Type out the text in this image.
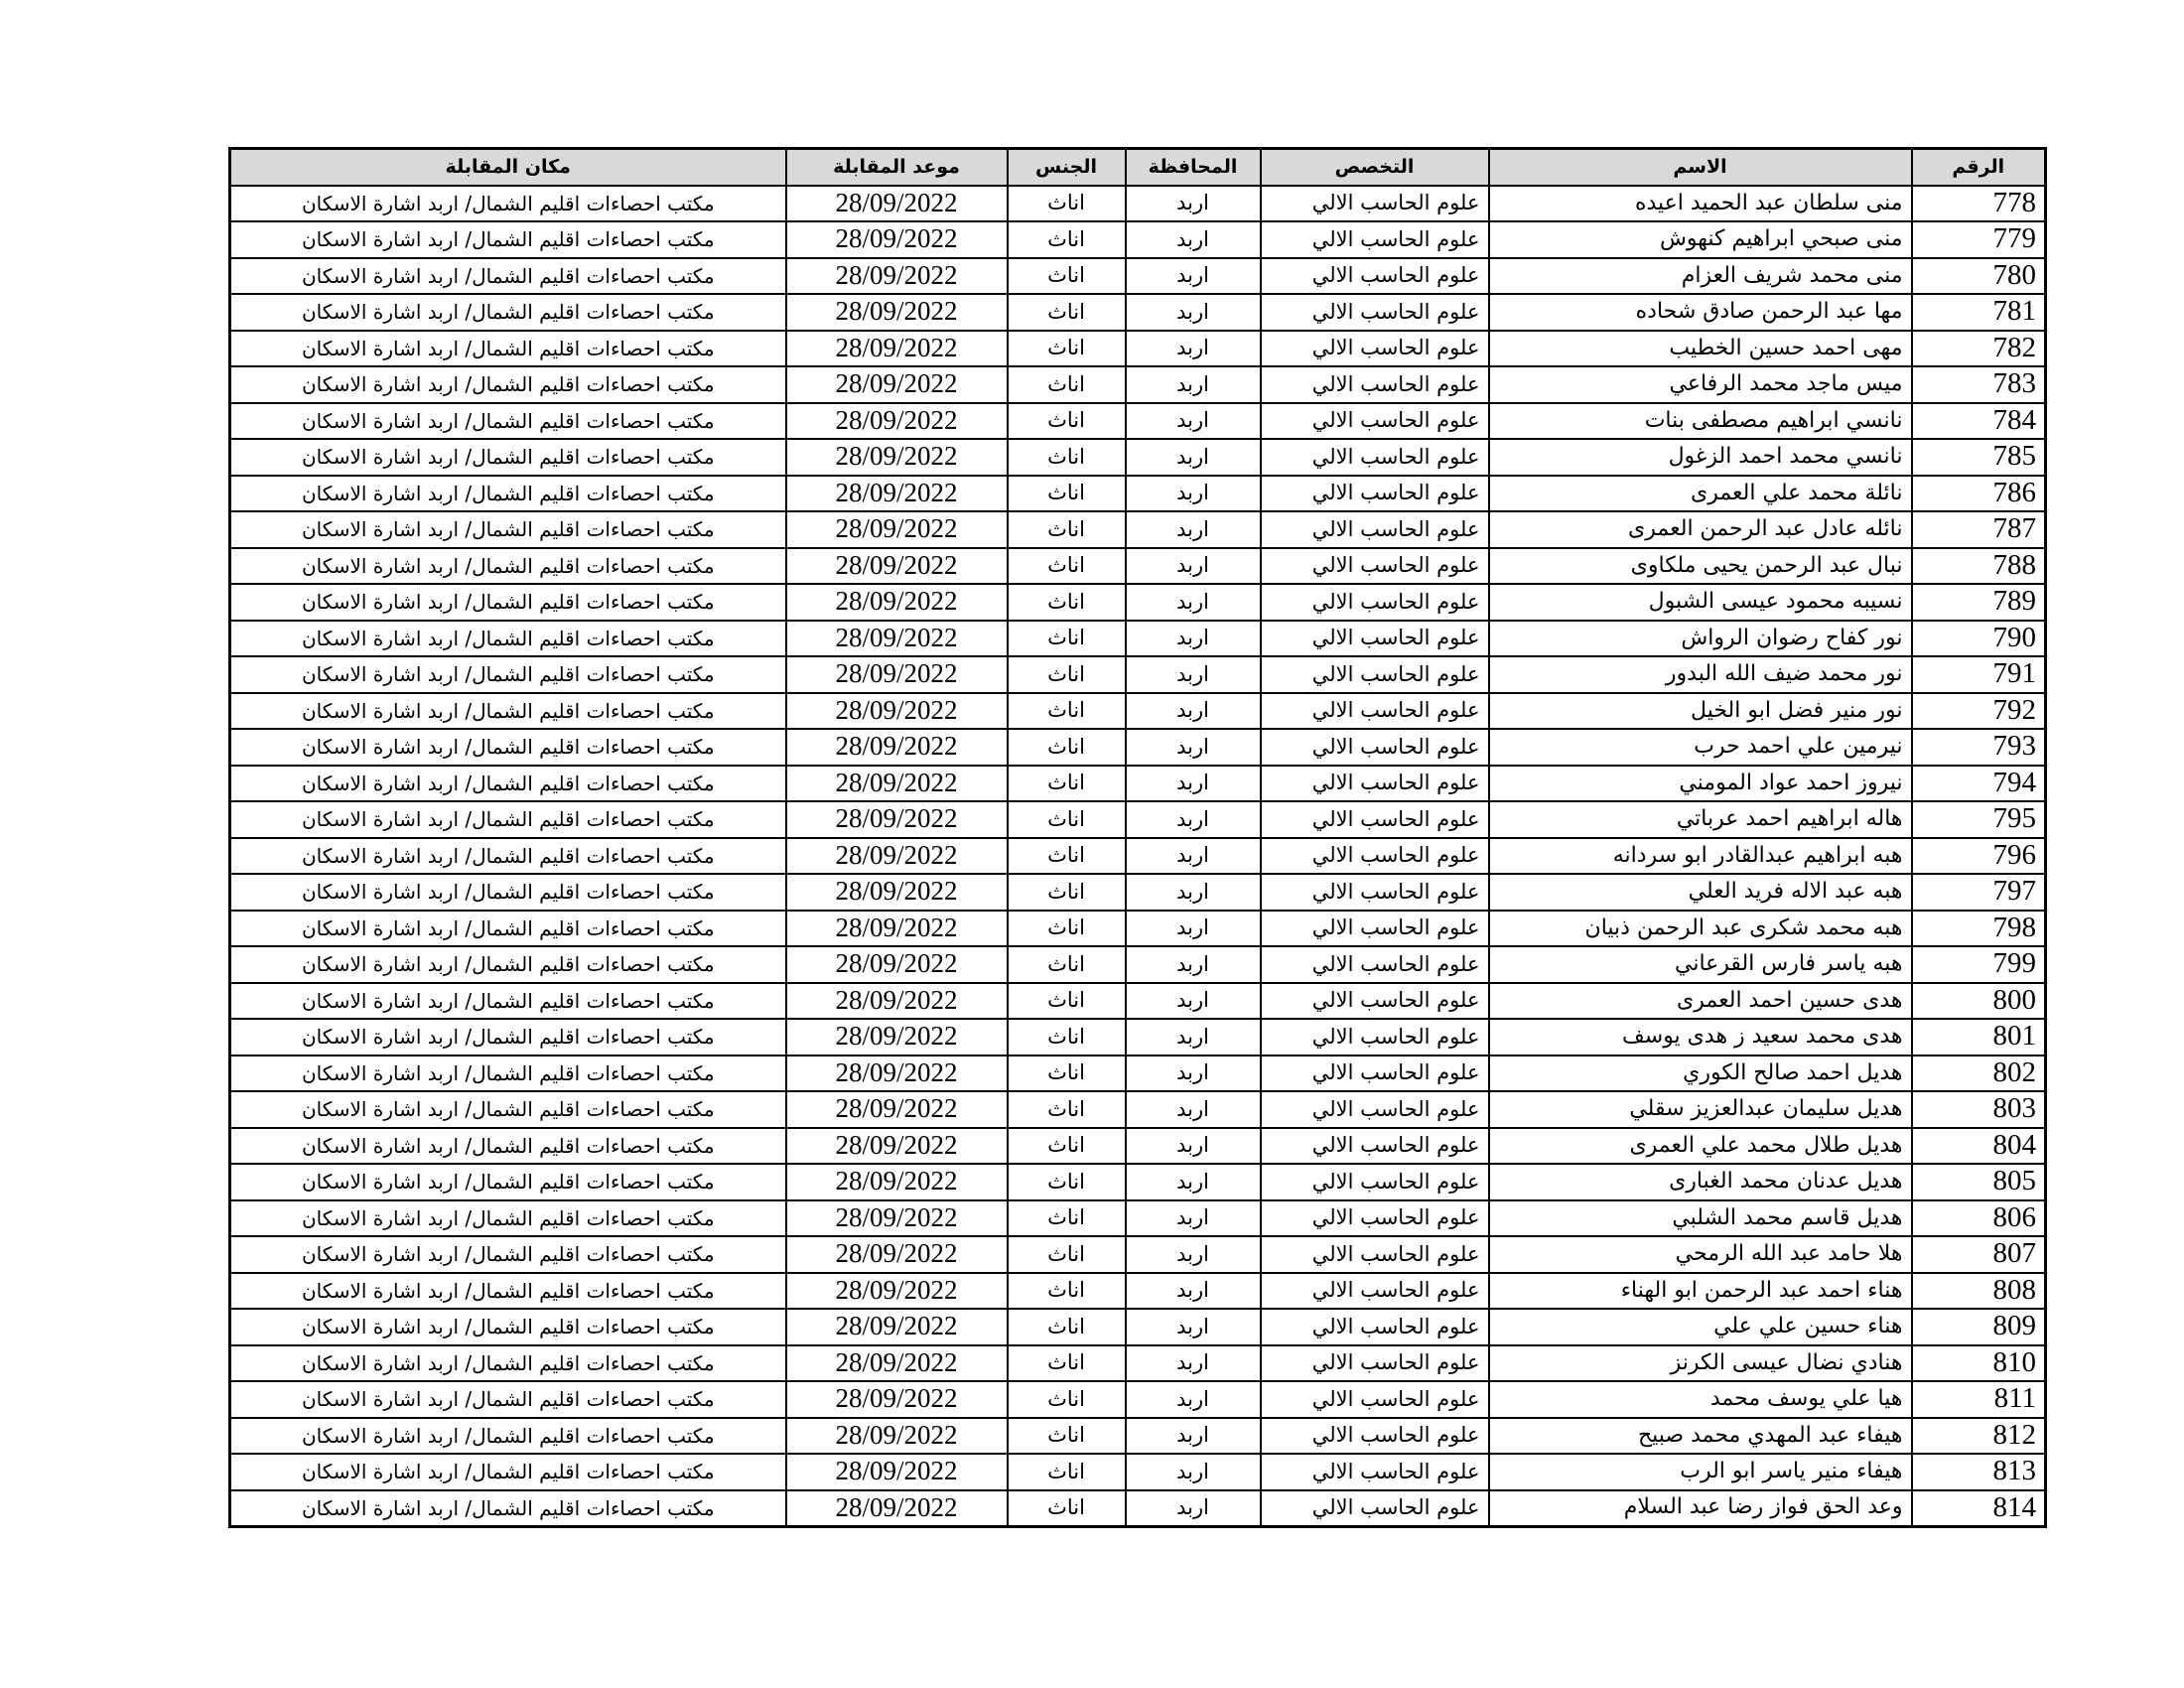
الرقم	الاسم	التخصص	المحافظة	الجنس	موعد المقابلة	مكان المقابلة
778	منى سلطان عبد الحميد اعيده	علوم الحاسب الالي	اربد	اناث	28/09/2022	مكتب احصاءات اقليم الشمال/ اربد اشارة الاسكان
779	منى صبحي ابراهيم كنهوش	علوم الحاسب الالي	اربد	اناث	28/09/2022	مكتب احصاءات اقليم الشمال/ اربد اشارة الاسكان
780	منى محمد شريف العزام	علوم الحاسب الالي	اربد	اناث	28/09/2022	مكتب احصاءات اقليم الشمال/ اربد اشارة الاسكان
781	مها عبد الرحمن صادق شحاده	علوم الحاسب الالي	اربد	اناث	28/09/2022	مكتب احصاءات اقليم الشمال/ اربد اشارة الاسكان
782	مهى احمد حسين الخطيب	علوم الحاسب الالي	اربد	اناث	28/09/2022	مكتب احصاءات اقليم الشمال/ اربد اشارة الاسكان
783	ميس ماجد محمد الرفاعي	علوم الحاسب الالي	اربد	اناث	28/09/2022	مكتب احصاءات اقليم الشمال/ اربد اشارة الاسكان
784	نانسي ابراهيم مصطفى بنات	علوم الحاسب الالي	اربد	اناث	28/09/2022	مكتب احصاءات اقليم الشمال/ اربد اشارة الاسكان
785	نانسي محمد احمد الزغول	علوم الحاسب الالي	اربد	اناث	28/09/2022	مكتب احصاءات اقليم الشمال/ اربد اشارة الاسكان
786	نائلة محمد علي العمرى	علوم الحاسب الالي	اربد	اناث	28/09/2022	مكتب احصاءات اقليم الشمال/ اربد اشارة الاسكان
787	نائله عادل عبد الرحمن العمرى	علوم الحاسب الالي	اربد	اناث	28/09/2022	مكتب احصاءات اقليم الشمال/ اربد اشارة الاسكان
788	نبال عبد الرحمن يحيى ملكاوى	علوم الحاسب الالي	اربد	اناث	28/09/2022	مكتب احصاءات اقليم الشمال/ اربد اشارة الاسكان
789	نسيبه محمود عيسى الشبول	علوم الحاسب الالي	اربد	اناث	28/09/2022	مكتب احصاءات اقليم الشمال/ اربد اشارة الاسكان
790	نور كفاح رضوان الرواش	علوم الحاسب الالي	اربد	اناث	28/09/2022	مكتب احصاءات اقليم الشمال/ اربد اشارة الاسكان
791	نور محمد ضيف الله البدور	علوم الحاسب الالي	اربد	اناث	28/09/2022	مكتب احصاءات اقليم الشمال/ اربد اشارة الاسكان
792	نور منير فضل ابو الخيل	علوم الحاسب الالي	اربد	اناث	28/09/2022	مكتب احصاءات اقليم الشمال/ اربد اشارة الاسكان
793	نيرمين علي احمد حرب	علوم الحاسب الالي	اربد	اناث	28/09/2022	مكتب احصاءات اقليم الشمال/ اربد اشارة الاسكان
794	نيروز احمد عواد المومني	علوم الحاسب الالي	اربد	اناث	28/09/2022	مكتب احصاءات اقليم الشمال/ اربد اشارة الاسكان
795	هاله ابراهيم احمد عرباتي	علوم الحاسب الالي	اربد	اناث	28/09/2022	مكتب احصاءات اقليم الشمال/ اربد اشارة الاسكان
796	هبه ابراهيم عبدالقادر ابو سردانه	علوم الحاسب الالي	اربد	اناث	28/09/2022	مكتب احصاءات اقليم الشمال/ اربد اشارة الاسكان
797	هبه عبد الاله فريد العلي	علوم الحاسب الالي	اربد	اناث	28/09/2022	مكتب احصاءات اقليم الشمال/ اربد اشارة الاسكان
798	هبه محمد شكرى عبد الرحمن ذبيان	علوم الحاسب الالي	اربد	اناث	28/09/2022	مكتب احصاءات اقليم الشمال/ اربد اشارة الاسكان
799	هبه ياسر فارس القرعاني	علوم الحاسب الالي	اربد	اناث	28/09/2022	مكتب احصاءات اقليم الشمال/ اربد اشارة الاسكان
800	هدى حسين احمد العمرى	علوم الحاسب الالي	اربد	اناث	28/09/2022	مكتب احصاءات اقليم الشمال/ اربد اشارة الاسكان
801	هدى محمد سعيد ز هدى يوسف	علوم الحاسب الالي	اربد	اناث	28/09/2022	مكتب احصاءات اقليم الشمال/ اربد اشارة الاسكان
802	هديل احمد صالح الكوري	علوم الحاسب الالي	اربد	اناث	28/09/2022	مكتب احصاءات اقليم الشمال/ اربد اشارة الاسكان
803	هديل سليمان عبدالعزيز سقلي	علوم الحاسب الالي	اربد	اناث	28/09/2022	مكتب احصاءات اقليم الشمال/ اربد اشارة الاسكان
804	هديل طلال محمد علي العمرى	علوم الحاسب الالي	اربد	اناث	28/09/2022	مكتب احصاءات اقليم الشمال/ اربد اشارة الاسكان
805	هديل عدنان محمد الغبارى	علوم الحاسب الالي	اربد	اناث	28/09/2022	مكتب احصاءات اقليم الشمال/ اربد اشارة الاسكان
806	هديل قاسم محمد الشلبي	علوم الحاسب الالي	اربد	اناث	28/09/2022	مكتب احصاءات اقليم الشمال/ اربد اشارة الاسكان
807	هلا حامد عبد الله الرمحي	علوم الحاسب الالي	اربد	اناث	28/09/2022	مكتب احصاءات اقليم الشمال/ اربد اشارة الاسكان
808	هناء احمد عبد الرحمن ابو الهناء	علوم الحاسب الالي	اربد	اناث	28/09/2022	مكتب احصاءات اقليم الشمال/ اربد اشارة الاسكان
809	هناء حسين علي علي	علوم الحاسب الالي	اربد	اناث	28/09/2022	مكتب احصاءات اقليم الشمال/ اربد اشارة الاسكان
810	هنادي نضال عيسى الكرنز	علوم الحاسب الالي	اربد	اناث	28/09/2022	مكتب احصاءات اقليم الشمال/ اربد اشارة الاسكان
811	هيا علي يوسف محمد	علوم الحاسب الالي	اربد	اناث	28/09/2022	مكتب احصاءات اقليم الشمال/ اربد اشارة الاسكان
812	هيفاء عبد المهدي محمد صبيح	علوم الحاسب الالي	اربد	اناث	28/09/2022	مكتب احصاءات اقليم الشمال/ اربد اشارة الاسكان
813	هيفاء منير ياسر ابو الرب	علوم الحاسب الالي	اربد	اناث	28/09/2022	مكتب احصاءات اقليم الشمال/ اربد اشارة الاسكان
814	وعد الحق فواز رضا عبد السلام	علوم الحاسب الالي	اربد	اناث	28/09/2022	مكتب احصاءات اقليم الشمال/ اربد اشارة الاسكان
